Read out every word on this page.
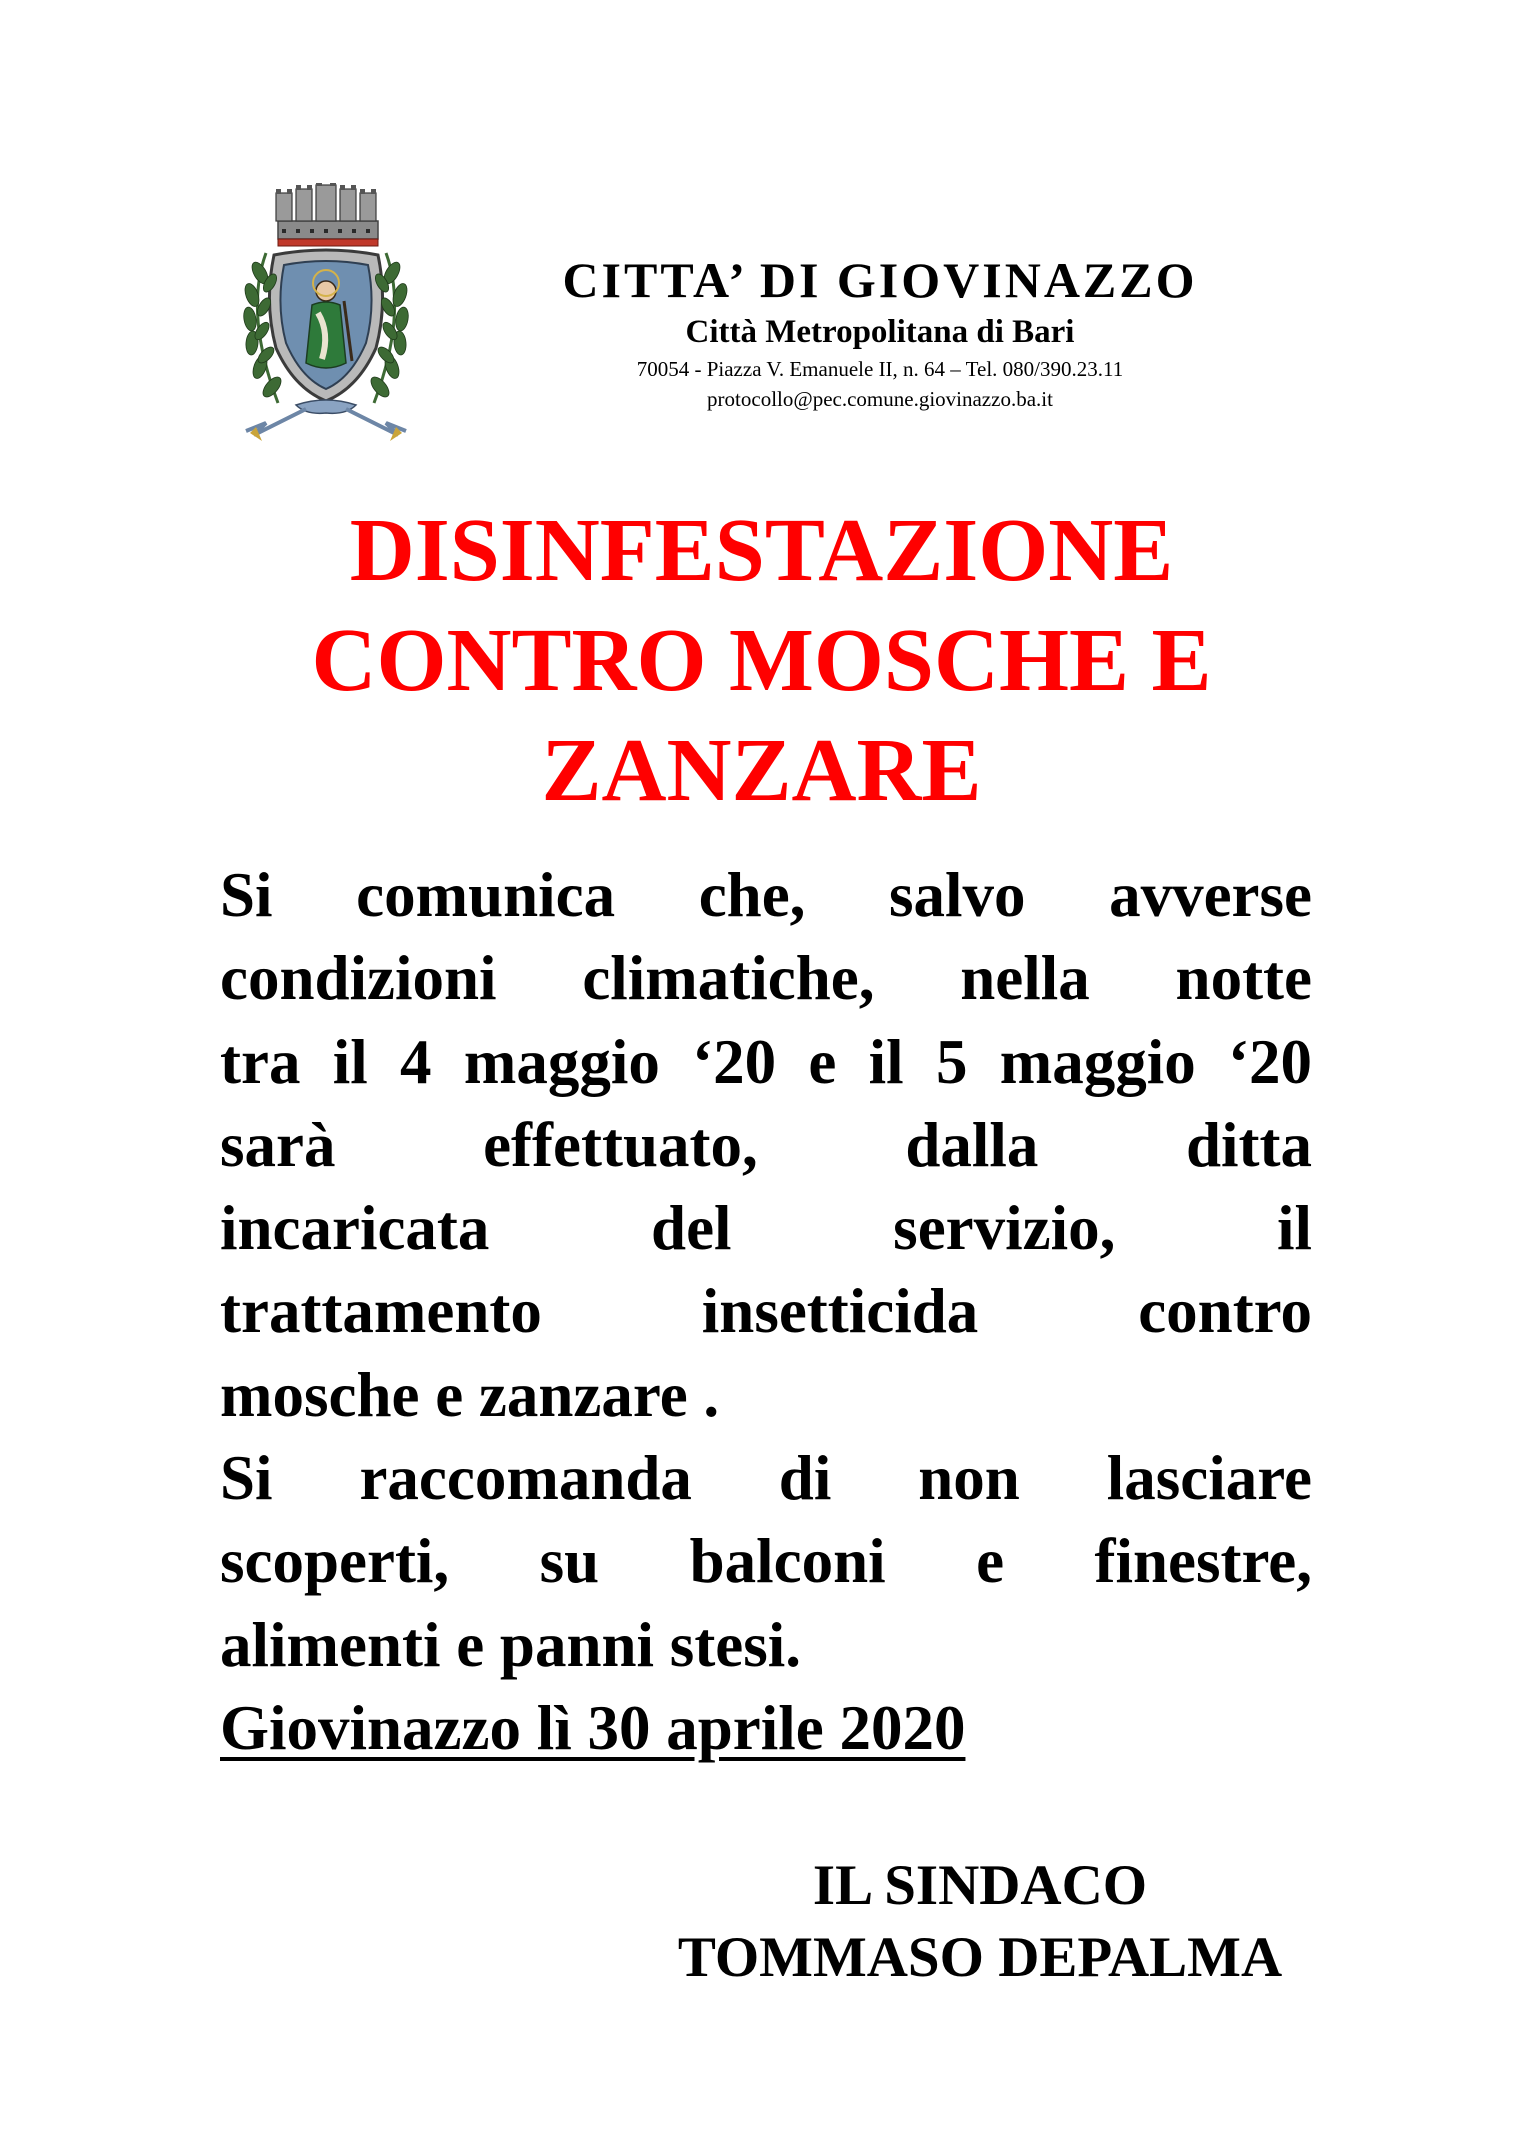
CITTA’ DI GIOVINAZZO
Città Metropolitana di Bari
70054 - Piazza V. Emanuele II, n. 64 – Tel. 080/390.23.11
protocollo@pec.comune.giovinazzo.ba.it
DISINFESTAZIONE
CONTRO MOSCHE E
ZANZARE
Si comunica che, salvo avverse
condizioni climatiche, nella notte
tra il 4 maggio ‘20 e il 5 maggio ‘20
sarà effettuato, dalla ditta
incaricata del servizio, il
trattamento insetticida contro
mosche e zanzare .
Si raccomanda di non lasciare
scoperti, su balconi e finestre,
alimenti e panni stesi.
Giovinazzo lì 30 aprile 2020
IL SINDACO
TOMMASO DEPALMA
